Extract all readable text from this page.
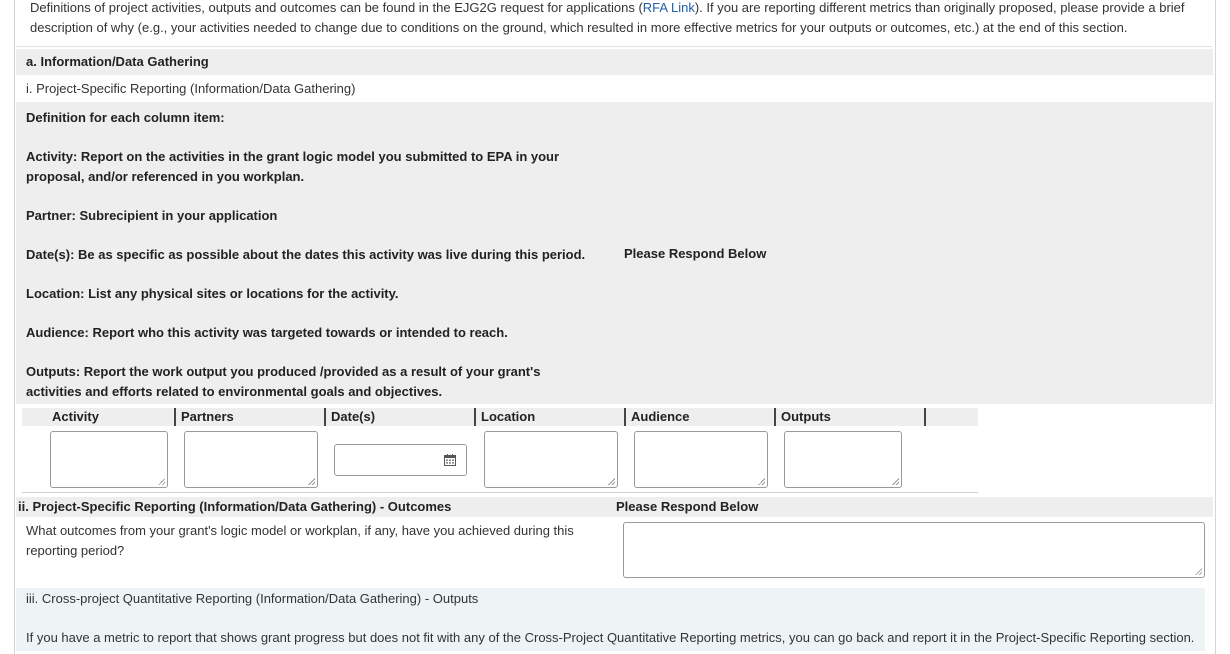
Definitions of project activities, outputs and outcomes can be found in the EJG2G request for applications (RFA Link). If you are reporting different metrics than originally proposed, please provide a brief description of why (e.g., your activities needed to change due to conditions on the ground, which resulted in more effective metrics for your outputs or outcomes, etc.) at the end of this section.
a. Information/Data Gathering
i. Project-Specific Reporting (Information/Data Gathering)

Definition for each column item:

Activity: Report on the activities in the grant logic model you submitted to EPA in your proposal, and/or referenced in you workplan.

Partner: Subrecipient in your application

Date(s): Be as specific as possible about the dates this activity was live during this period.

Location: List any physical sites or locations for the activity.

Audience: Report who this activity was targeted towards or intended to reach.

Outputs: Report the work output you produced /provided as a result of your grant's activities and efforts related to environmental goals and objectives.

Please Respond Below
Activity	Partners	Date(s)	Location	Audience	Outputs
ii. Project-Specific Reporting (Information/Data Gathering) - Outcomes	Please Respond Below
What outcomes from your grant's logic model or workplan, if any, have you achieved during this reporting period?
iii. Cross-project Quantitative Reporting (Information/Data Gathering) - Outputs
If you have a metric to report that shows grant progress but does not fit with any of the Cross-Project Quantitative Reporting metrics, you can go back and report it in the Project-Specific Reporting section.
